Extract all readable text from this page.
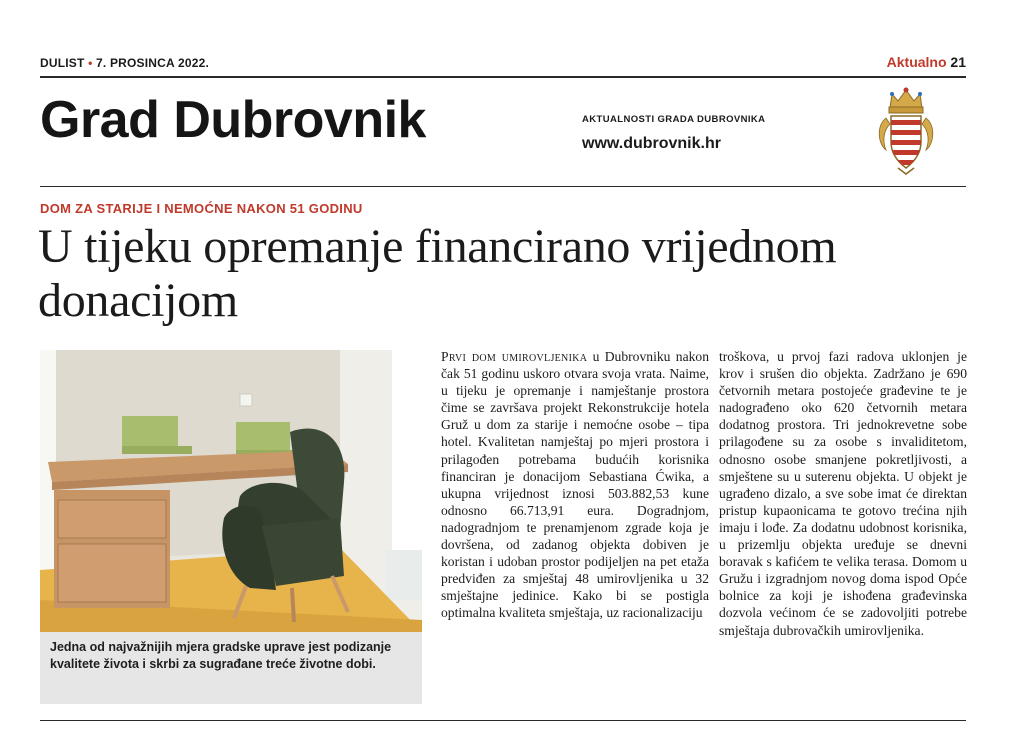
DULIST • 7. PROSINCA 2022.	Aktualno 21
Grad Dubrovnik	AKTUALNOSTI GRADA DUBROVNIKA
www.dubrovnik.hr
DOM ZA STARIJE I NEMOĆNE NAKON 51 GODINU
U tijeku opremanje financirano vrijednom donacijom
Jedna od najvažnijih mjera gradske uprave jest podizanje kvalitete života i skrbi za sugrađane treće životne dobi.
Prvi dom umirovljenika u Dubrovniku nakon čak 51 godinu uskoro otvara svoja vrata. Naime, u tijeku je opremanje i namještanje prostora čime se završava projekt Rekonstrukcije hotela Gruž u dom za starije i nemoćne osobe – tipa hotel. Kvalitetan namještaj po mjeri prostora i prilagođen potrebama budućih korisnika financiran je donacijom Sebastiana Ćwika, a ukupna vrijednost iznosi 503.882,53 kune odnosno 66.713,91 eura. Dogradnjom, nadogradnjom te prenamjenom zgrade koja je dovršena, od zadanog objekta dobiven je koristan i udoban prostor podijeljen na pet etaža predviđen za smještaj 48 umirovljenika u 32 smještajne jedinice. Kako bi se postigla optimalna kvaliteta smještaja, uz racionalizaciju
troškova, u prvoj fazi radova uklonjen je krov i srušen dio objekta. Zadržano je 690 četvornih metara postojeće građevine te je nadograđeno oko 620 četvornih metara dodatnog prostora. Tri jednokrevetne sobe prilagođene su za osobe s invaliditetom, odnosno osobe smanjene pokretljivosti, a smještene su u suterenu objekta. U objekt je ugrađeno dizalo, a sve sobe imat će direktan pristup kupaonicama te gotovo trećina njih imaju i lođe. Za dodatnu udobnost korisnika, u prizemlju objekta uređuje se dnevni boravak s kafićem te velika terasa. Domom u Gružu i izgradnjom novog doma ispod Opće bolnice za koji je ishođena građevinska dozvola većinom će se zadovoljiti potrebe smještaja dubrovačkih umirovljenika.
